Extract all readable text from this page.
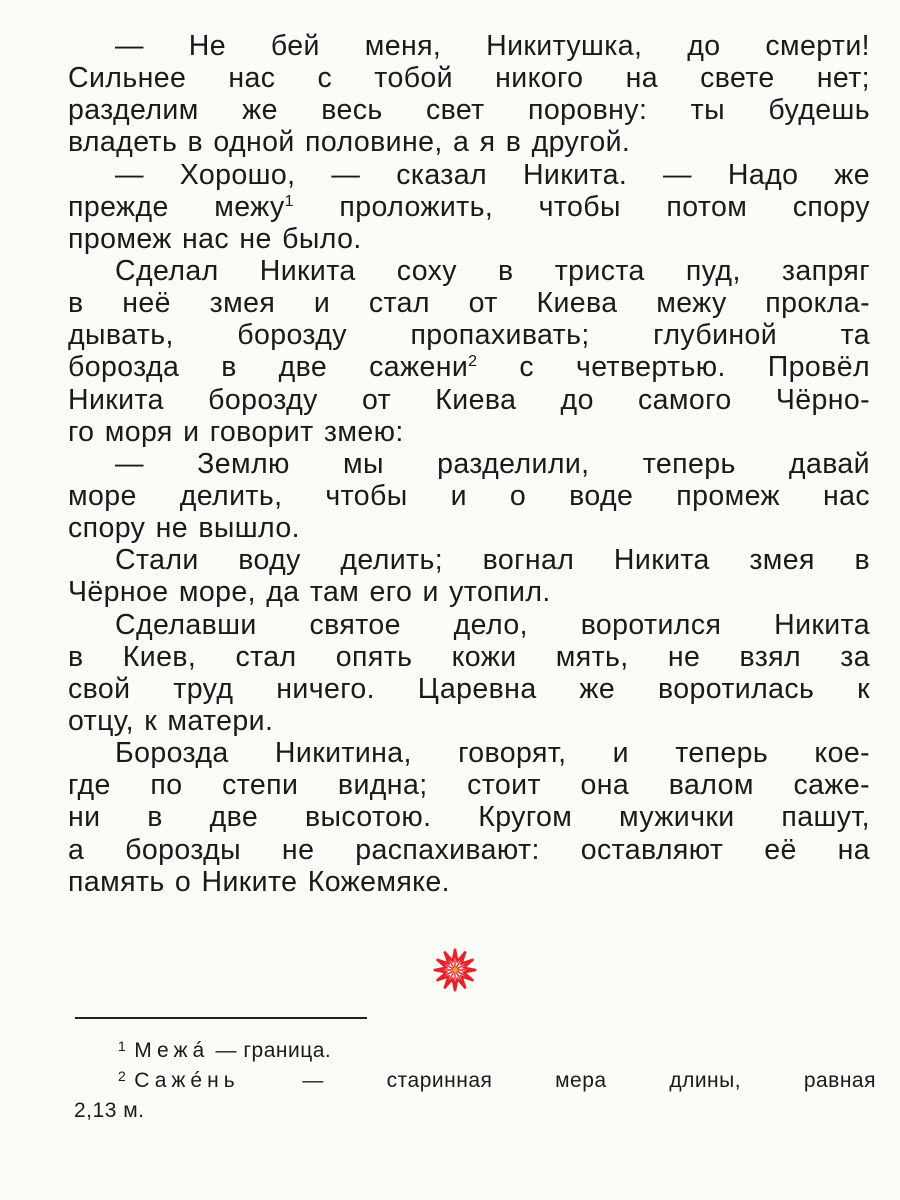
— Не бей меня, Никитушка, до смерти!
Сильнее нас с тобой никого на свете нет;
разделим же весь свет поровну: ты будешь
владеть в одной половине, а я в другой.
— Хорошо, — сказал Никита. — Надо же
прежде межу$^1$ проложить, чтобы потом спору
промеж нас не было.
Сделал Никита соху в триста пуд, запряг
в неё змея и стал от Киева межу прокла-
дывать, борозду пропахивать; глубиной та
борозда в две сажени$^2$ с четвертью. Провёл
Никита борозду от Киева до самого Чёрно-
го моря и говорит змею:
— Землю мы разделили, теперь давай
море делить, чтобы и о воде промеж нас
спору не вышло.
Стали воду делить; вогнал Никита змея в
Чёрное море, да там его и утопил.
Сделавши святое дело, воротился Никита
в Киев, стал опять кожи мять, не взял за
свой труд ничего. Царевна же воротилась к
отцу, к матери.
Борозда Никитина, говорят, и теперь кое-
где по степи видна; стоит она валом саже-
ни в две высотою. Кругом мужички пашут,
а борозды не распахивают: оставляют её на
память о Никите Кожемяке.
$^1$ Межá — граница.
$^2$ Сажéнь	— старинная мера длины, равная
2,13 м.
